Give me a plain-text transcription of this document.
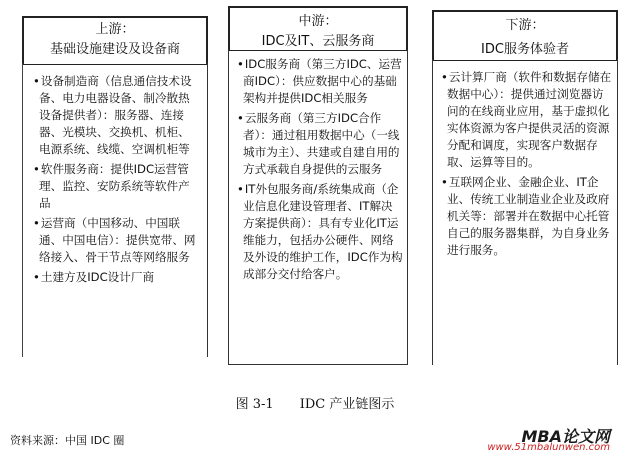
上游：
基础设施建设及设备商
• 设备制造商（信息通信技术设备、电力电器设备、制冷散热设备提供者）：服务器、连接器、光模块、交换机、机柜、电源系统、线缆、空调机柜等
• 软件服务商：提供IDC运营管理、监控、安防系统等软件产品
• 运营商（中国移动、中国联通、中国电信）：提供宽带、网络接入、骨干节点等网络服务
• 土建方及IDC设计厂商
中游：
IDC及IT、云服务商
• IDC服务商（第三方IDC、运营商IDC）：供应数据中心的基础架构并提供IDC相关服务
• 云服务商（第三方IDC合作者）：通过租用数据中心（一线城市为主）、共建或自建自用的方式承载自身提供的云服务
• IT外包服务商/系统集成商（企业信息化建设管理者、IT解决方案提供商）：具有专业化IT运维能力，包括办公硬件、网络及外设的维护工作，IDC作为构成部分交付给客户。
下游：
IDC服务体验者
• 云计算厂商（软件和数据存储在数据中心）：提供通过浏览器访问的在线商业应用，基于虚拟化实体资源为客户提供灵活的资源分配和调度，实现客户数据存取、运算等目的。
• 互联网企业、金融企业、IT企业、传统工业制造业企业及政府机关等：部署并在数据中心托管自己的服务器集群，为自身业务进行服务。
图 3-1　　IDC 产业链图示
资料来源：中国 IDC 圈	MBA论文网
www.51mbalunwen.com
